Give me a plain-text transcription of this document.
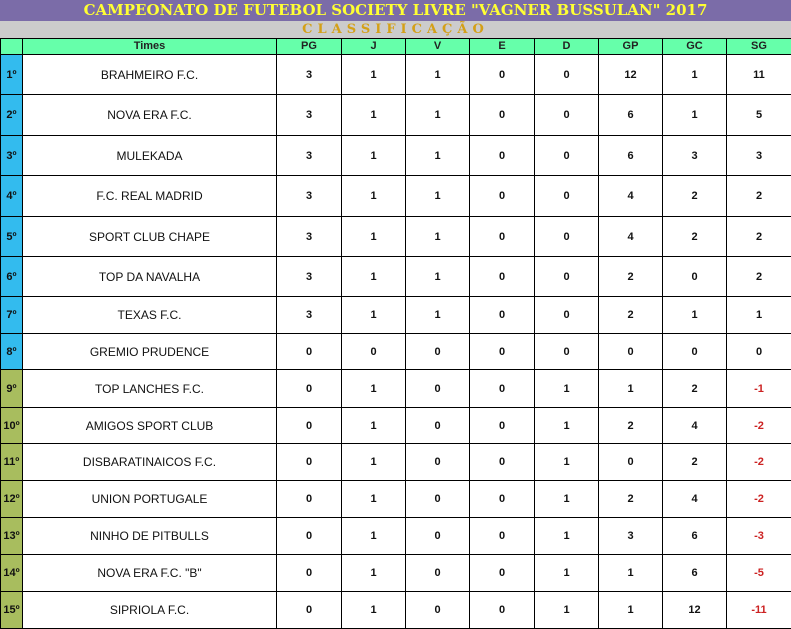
CAMPEONATO DE FUTEBOL SOCIETY LIVRE "VAGNER BUSSULAN" 2017
CLASSIFICAÇÃO
	Times	PG	J	V	E	D	GP	GC	SG
1º	BRAHMEIRO F.C.	3	1	1	0	0	12	1	11
2º	NOVA ERA F.C.	3	1	1	0	0	6	1	5
3º	MULEKADA	3	1	1	0	0	6	3	3
4º	F.C. REAL MADRID	3	1	1	0	0	4	2	2
5º	SPORT CLUB CHAPE	3	1	1	0	0	4	2	2
6º	TOP DA NAVALHA	3	1	1	0	0	2	0	2
7º	TEXAS F.C.	3	1	1	0	0	2	1	1
8º	GREMIO PRUDENCE	0	0	0	0	0	0	0	0
9º	TOP LANCHES F.C.	0	1	0	0	1	1	2	-1
10º	AMIGOS SPORT CLUB	0	1	0	0	1	2	4	-2
11º	DISBARATINAICOS F.C.	0	1	0	0	1	0	2	-2
12º	UNION PORTUGALE	0	1	0	0	1	2	4	-2
13º	NINHO DE PITBULLS	0	1	0	0	1	3	6	-3
14º	NOVA ERA F.C. "B"	0	1	0	0	1	1	6	-5
15º	SIPRIOLA F.C.	0	1	0	0	1	1	12	-11
